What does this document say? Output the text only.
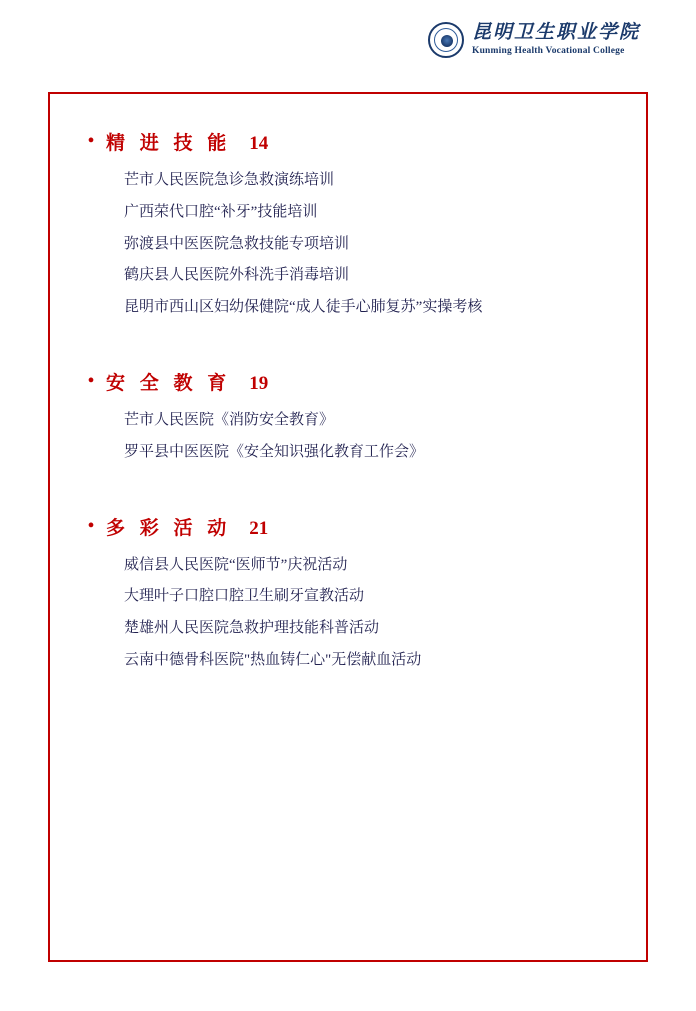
昆明卫生职业学院
Kunming Health Vocational College
• 精 进 技 能 14
芒市人民医院急诊急救演练培训
广西荣代口腔“补牙”技能培训
弥渡县中医医院急救技能专项培训
鹤庆县人民医院外科洗手消毒培训
昆明市西山区妇幼保健院“成人徒手心肺复苏”实操考核
• 安 全 教 育 19
芒市人民医院《消防安全教育》
罗平县中医医院《安全知识强化教育工作会》
• 多 彩 活 动 21
威信县人民医院“医师节”庆祝活动
大理叶子口腔口腔卫生刷牙宣教活动
楚雄州人民医院急救护理技能科普活动
云南中德骨科医院"热血铸仁心"无偿献血活动
